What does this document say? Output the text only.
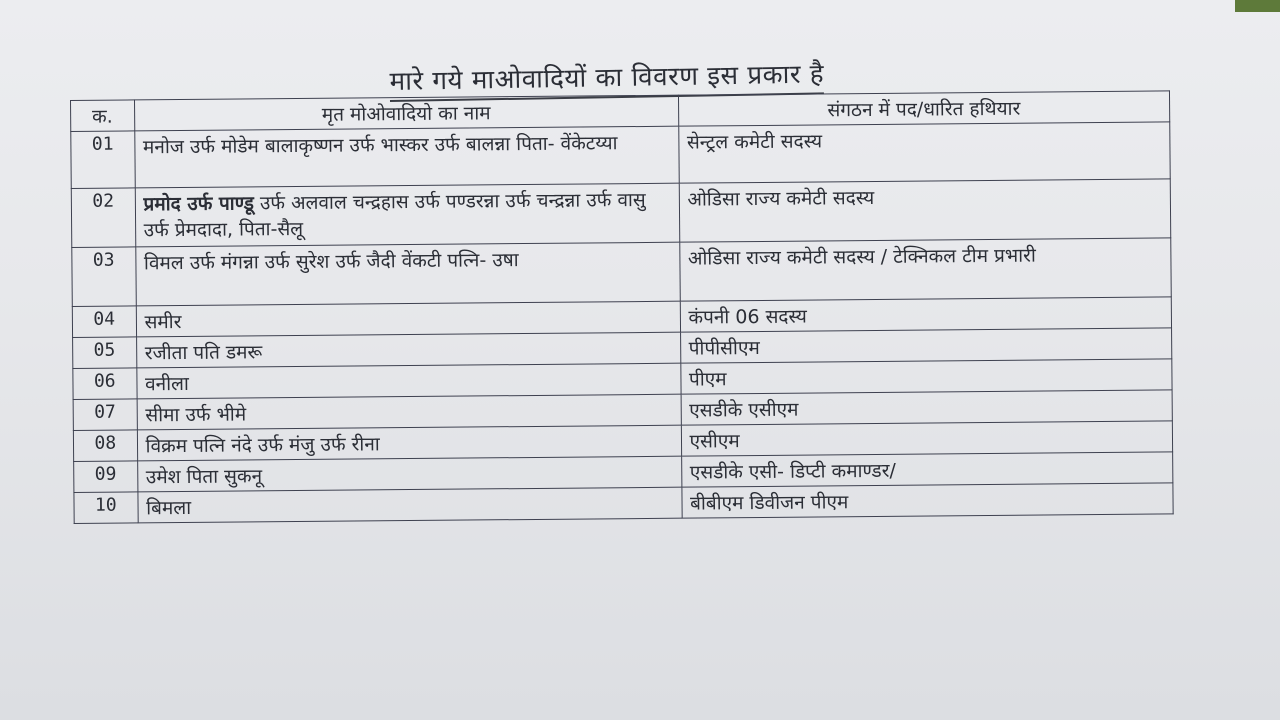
मारे गये माओवादियों का विवरण इस प्रकार है
क.	मृत मोओवादियो का नाम	संगठन में पद/धारित हथियार
01	मनोज उर्फ मोडेम बालाकृष्णन उर्फ भास्कर उर्फ बालन्ना पिता- वेंकेटय्या	सेन्ट्रल कमेटी सदस्य
02	प्रमोद उर्फ पाण्डू उर्फ अलवाल चन्द्रहास उर्फ पण्डरन्ना उर्फ चन्द्रन्ना उर्फ वासु उर्फ प्रेमदादा, पिता-सैलू	ओडिसा राज्य कमेटी सदस्य
03	विमल उर्फ मंगन्ना उर्फ सुरेश उर्फ जैदी वेंकटी पत्नि- उषा	ओडिसा राज्य कमेटी सदस्य / टेक्निकल टीम प्रभारी
04	समीर	कंपनी 06 सदस्य
05	रजीता पति डमरू	पीपीसीएम
06	वनीला	पीएम
07	सीमा उर्फ भीमे	एसडीके एसीएम
08	विक्रम पत्नि नंदे उर्फ मंजु उर्फ रीना	एसीएम
09	उमेश पिता सुकनू	एसडीके एसी- डिप्टी कमाण्डर/
10	बिमला	बीबीएम डिवीजन पीएम
